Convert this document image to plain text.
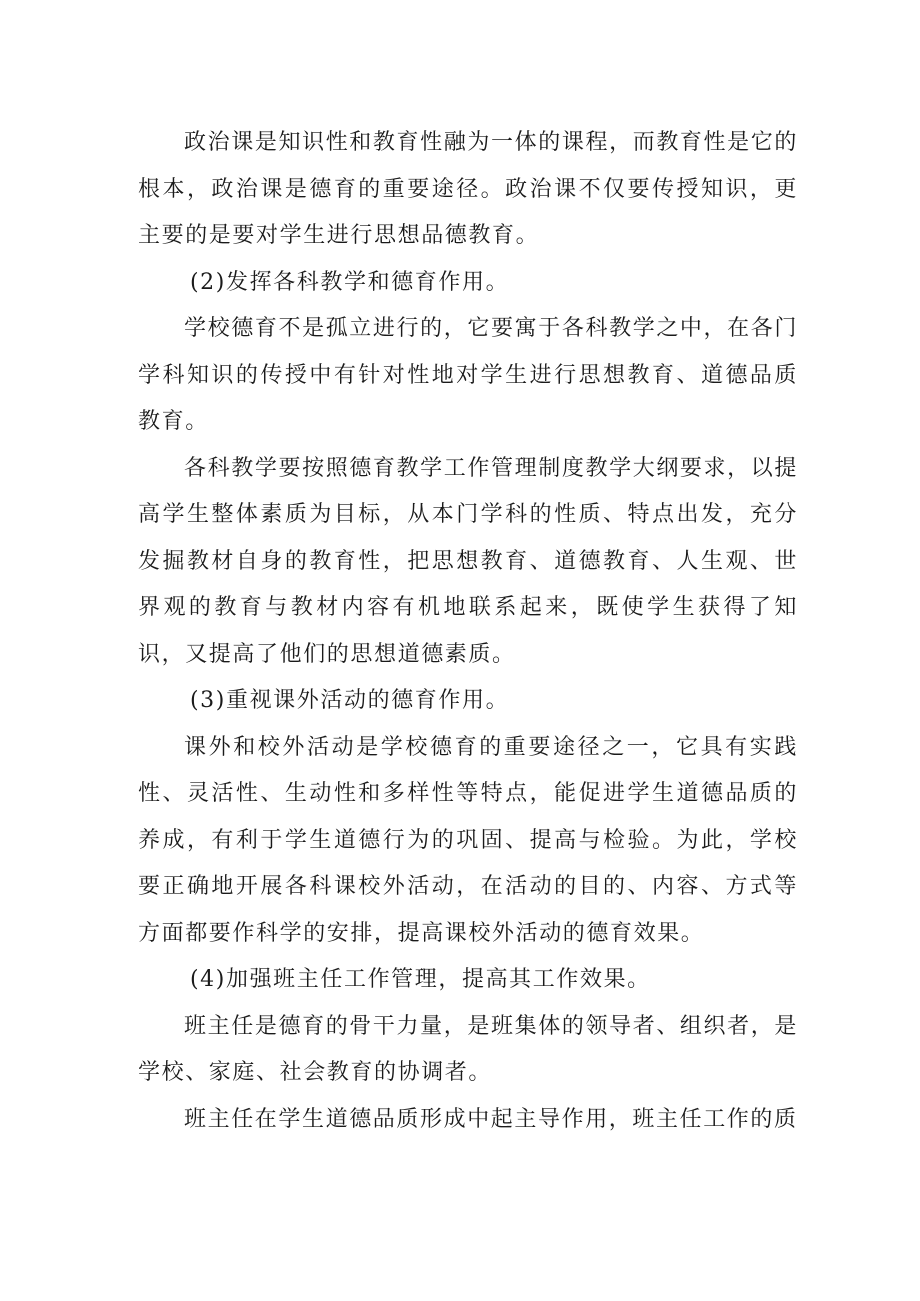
政治课是知识性和教育性融为一体的课程，而教育性是它的根本，政治课是德育的重要途径。政治课不仅要传授知识，更主要的是要对学生进行思想品德教育。

(2)发挥各科教学和德育作用。

学校德育不是孤立进行的，它要寓于各科教学之中，在各门学科知识的传授中有针对性地对学生进行思想教育、道德品质教育。

各科教学要按照德育教学工作管理制度教学大纲要求，以提高学生整体素质为目标，从本门学科的性质、特点出发，充分发掘教材自身的教育性，把思想教育、道德教育、人生观、世界观的教育与教材内容有机地联系起来，既使学生获得了知识，又提高了他们的思想道德素质。

(3)重视课外活动的德育作用。

课外和校外活动是学校德育的重要途径之一，它具有实践性、灵活性、生动性和多样性等特点，能促进学生道德品质的养成，有利于学生道德行为的巩固、提高与检验。为此，学校要正确地开展各科课校外活动，在活动的目的、内容、方式等方面都要作科学的安排，提高课校外活动的德育效果。

(4)加强班主任工作管理，提高其工作效果。

班主任是德育的骨干力量，是班集体的领导者、组织者，是学校、家庭、社会教育的协调者。

班主任在学生道德品质形成中起主导作用，班主任工作的质
